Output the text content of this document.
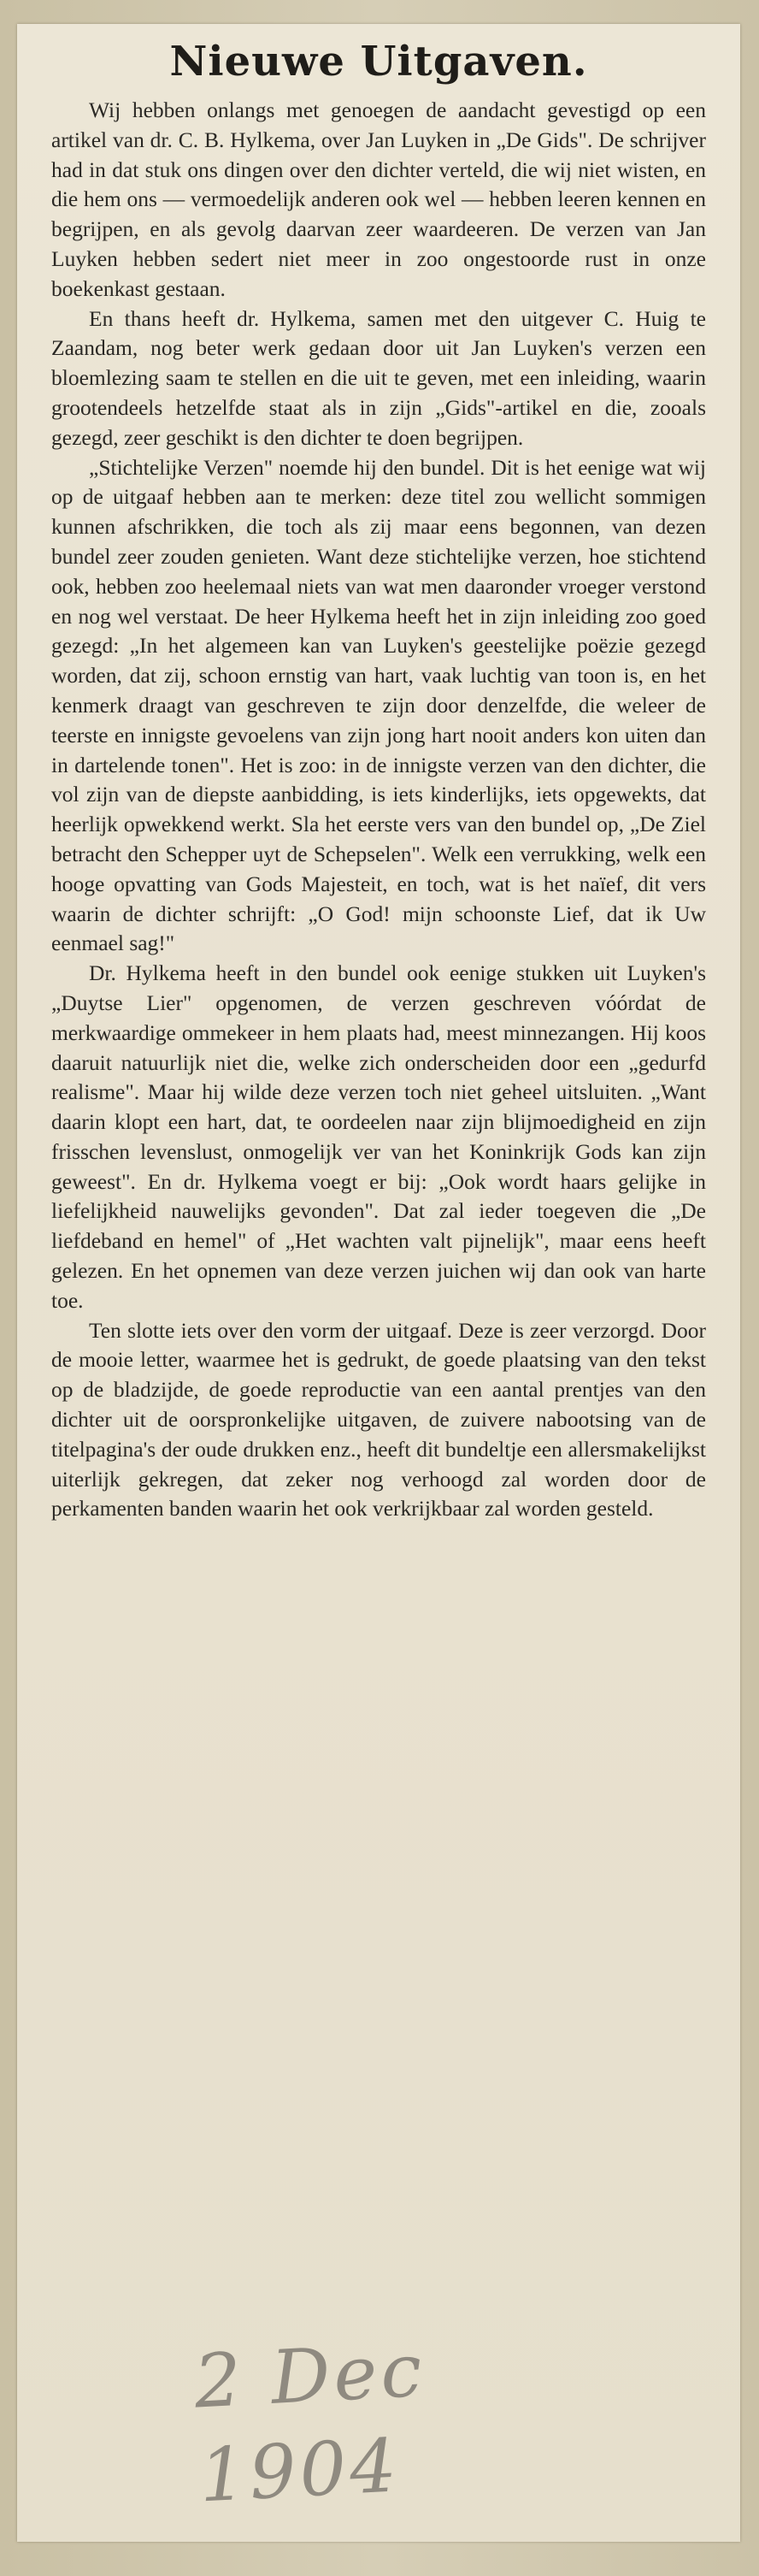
Nieuwe Uitgaven.

Wij hebben onlangs met genoegen de aandacht gevestigd op een artikel van dr. C. B. Hylkema, over Jan Luyken in „De Gids". De schrijver had in dat stuk ons dingen over den dichter verteld, die wij niet wisten, en die hem ons — vermoedelijk anderen ook wel — hebben leeren kennen en begrijpen, en als gevolg daarvan zeer waardeeren. De verzen van Jan Luyken hebben sedert niet meer in zoo ongestoorde rust in onze boekenkast gestaan.

En thans heeft dr. Hylkema, samen met den uitgever C. Huig te Zaandam, nog beter werk gedaan door uit Jan Luyken's verzen een bloemlezing saam te stellen en die uit te geven, met een inleiding, waarin grootendeels hetzelfde staat als in zijn „Gids"-artikel en die, zooals gezegd, zeer geschikt is den dichter te doen begrijpen.

„Stichtelijke Verzen" noemde hij den bundel. Dit is het eenige wat wij op de uitgaaf hebben aan te merken: deze titel zou wellicht sommigen kunnen afschrikken, die toch als zij maar eens begonnen, van dezen bundel zeer zouden genieten. Want deze stichtelijke verzen, hoe stichtend ook, hebben zoo heelemaal niets van wat men daaronder vroeger verstond en nog wel verstaat. De heer Hylkema heeft het in zijn inleiding zoo goed gezegd: „In het algemeen kan van Luyken's geestelijke poëzie gezegd worden, dat zij, schoon ernstig van hart, vaak luchtig van toon is, en het kenmerk draagt van geschreven te zijn door denzelfde, die weleer de teerste en innigste gevoelens van zijn jong hart nooit anders kon uiten dan in dartelende tonen". Het is zoo: in de innigste verzen van den dichter, die vol zijn van de diepste aanbidding, is iets kinderlijks, iets opgewekts, dat heerlijk opwekkend werkt. Sla het eerste vers van den bundel op, „De Ziel betracht den Schepper uyt de Schepselen". Welk een verrukking, welk een hooge opvatting van Gods Majesteit, en toch, wat is het naïef, dit vers waarin de dichter schrijft: „O God! mijn schoonste Lief, dat ik Uw eenmael sag!"

Dr. Hylkema heeft in den bundel ook eenige stukken uit Luyken's „Duytse Lier" opgenomen, de verzen geschreven vóórdat de merkwaardige ommekeer in hem plaats had, meest minnezangen. Hij koos daaruit natuurlijk niet die, welke zich onderscheiden door een „gedurfd realisme". Maar hij wilde deze verzen toch niet geheel uitsluiten. „Want daarin klopt een hart, dat, te oordeelen naar zijn blijmoedigheid en zijn frisschen levenslust, onmogelijk ver van het Koninkrijk Gods kan zijn geweest". En dr. Hylkema voegt er bij: „Ook wordt haars gelijke in liefelijkheid nauwelijks gevonden". Dat zal ieder toegeven die „De liefdeband en hemel" of „Het wachten valt pijnelijk", maar eens heeft gelezen. En het opnemen van deze verzen juichen wij dan ook van harte toe.

Ten slotte iets over den vorm der uitgaaf. Deze is zeer verzorgd. Door de mooie letter, waarmee het is gedrukt, de goede plaatsing van den tekst op de bladzijde, de goede reproductie van een aantal prentjes van den dichter uit de oorspronkelijke uitgaven, de zuivere nabootsing van de titelpagina's der oude drukken enz., heeft dit bundeltje een allersmakelijkst uiterlijk gekregen, dat zeker nog verhoogd zal worden door de perkamenten banden waarin het ook verkrijkbaar zal worden gesteld.

2 Dec 1904
